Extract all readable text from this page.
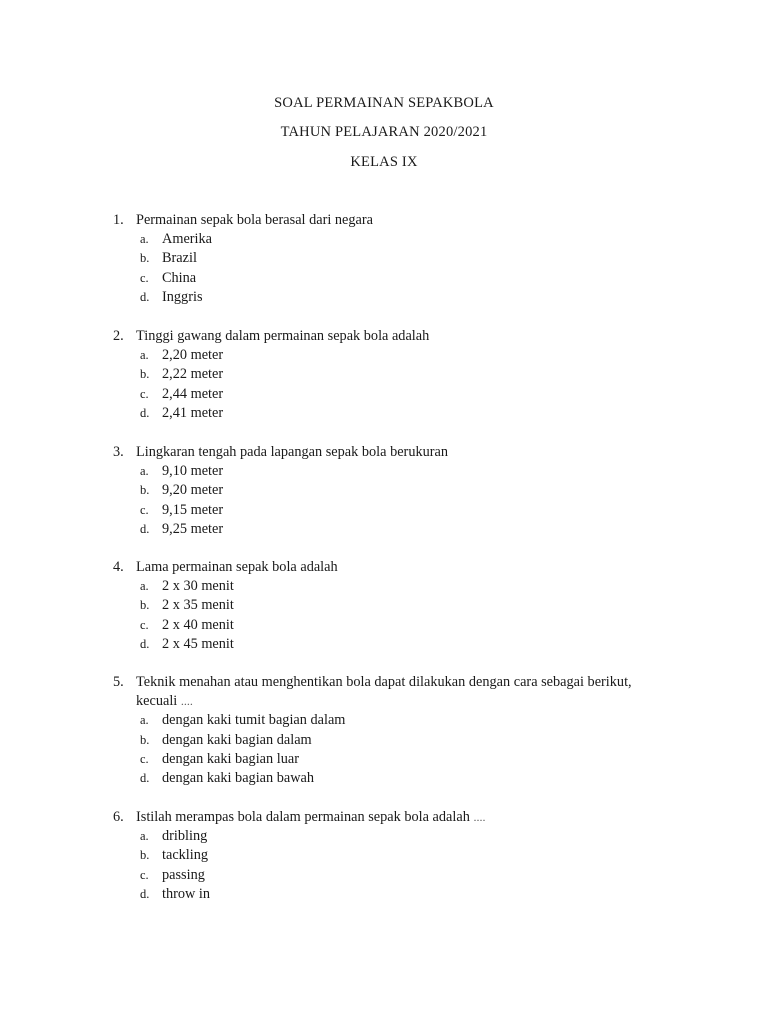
SOAL PERMAINAN SEPAKBOLA
TAHUN PELAJARAN 2020/2021
KELAS IX
1. Permainan sepak bola berasal dari negara
a. Amerika
b. Brazil
c. China
d. Inggris
2. Tinggi gawang dalam permainan sepak bola adalah
a. 2,20 meter
b. 2,22 meter
c. 2,44 meter
d. 2,41 meter
3. Lingkaran tengah pada lapangan sepak bola berukuran
a. 9,10 meter
b. 9,20 meter
c. 9,15 meter
d. 9,25 meter
4. Lama permainan sepak bola adalah
a. 2 x 30 menit
b. 2 x 35 menit
c. 2 x 40 menit
d. 2 x 45 menit
5. Teknik menahan atau menghentikan bola dapat dilakukan dengan cara sebagai berikut,
kecuali ....
a. dengan kaki tumit bagian dalam
b. dengan kaki bagian dalam
c. dengan kaki bagian luar
d. dengan kaki bagian bawah
6. Istilah merampas bola dalam permainan sepak bola adalah ....
a. dribling
b. tackling
c. passing
d. throw in
